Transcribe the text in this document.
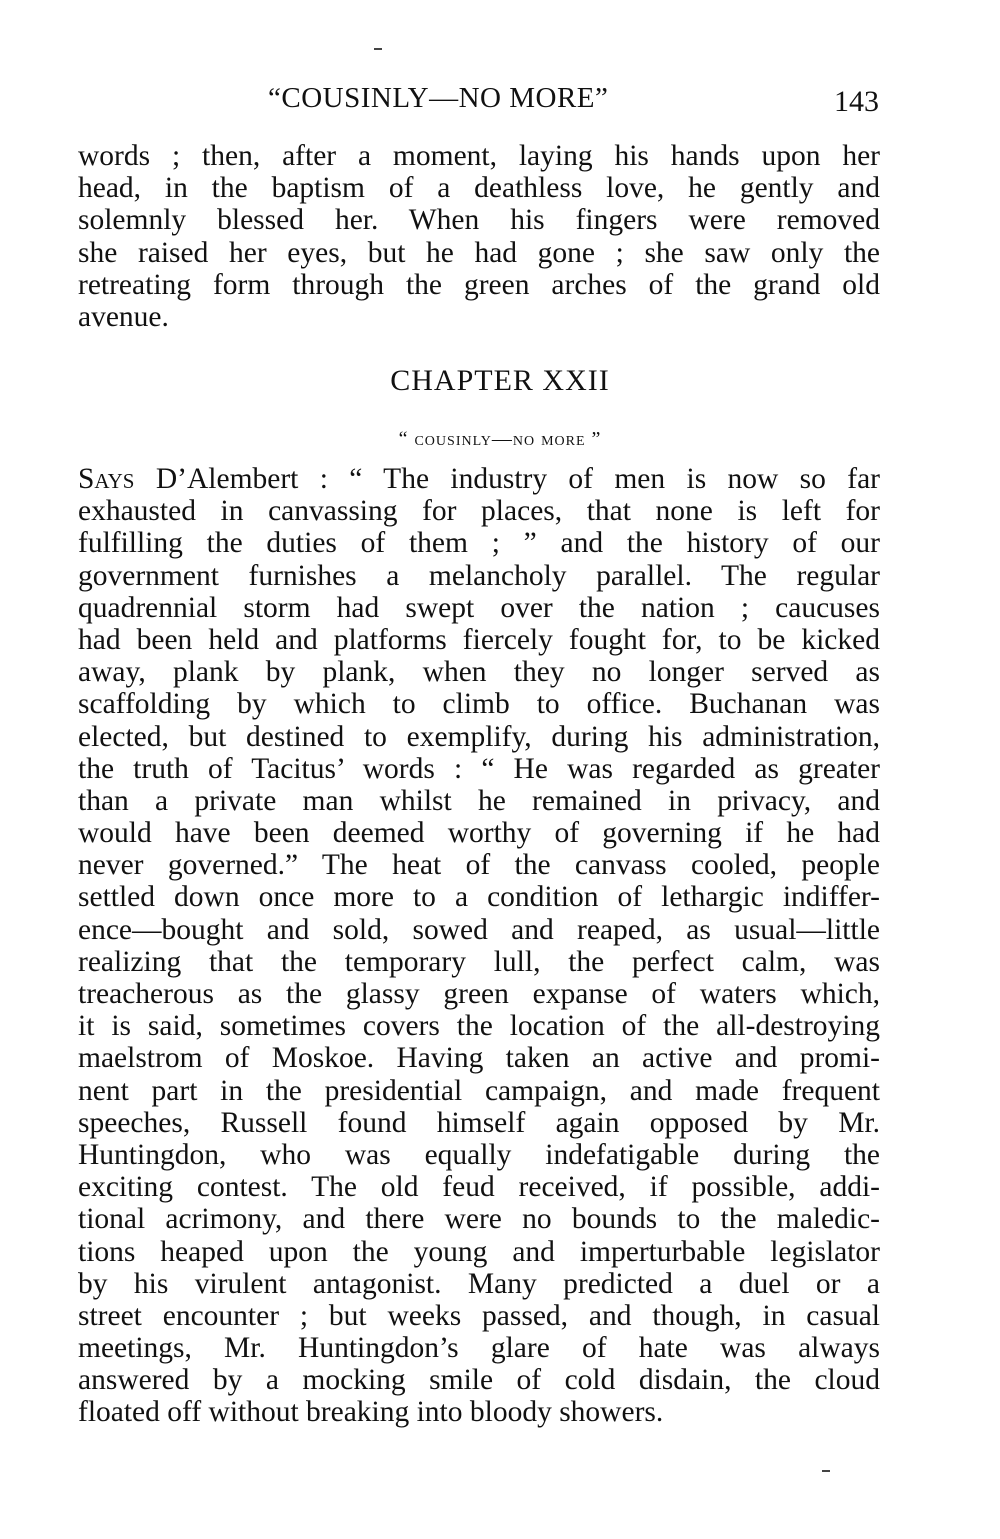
“COUSINLY—NO MORE”	143
words ; then, after a moment, laying his hands upon her
head, in the baptism of a deathless love, he gently and
solemnly blessed her. When his fingers were removed
she raised her eyes, but he had gone ; she saw only the
retreating form through the green arches of the grand old
avenue.
CHAPTER XXII
“ cousinly—no more ”
Says D’Alembert : “ The industry of men is now so far
exhausted in canvassing for places, that none is left for
fulfilling the duties of them ; ” and the history of our
government furnishes a melancholy parallel. The regular
quadrennial storm had swept over the nation ; caucuses
had been held and platforms fiercely fought for, to be kicked
away, plank by plank, when they no longer served as
scaffolding by which to climb to office. Buchanan was
elected, but destined to exemplify, during his administration,
the truth of Tacitus’ words : “ He was regarded as greater
than a private man whilst he remained in privacy, and
would have been deemed worthy of governing if he had
never governed.” The heat of the canvass cooled, people
settled down once more to a condition of lethargic indiffer-
ence—bought and sold, sowed and reaped, as usual—little
realizing that the temporary lull, the perfect calm, was
treacherous as the glassy green expanse of waters which,
it is said, sometimes covers the location of the all-destroying
maelstrom of Moskoe. Having taken an active and promi-
nent part in the presidential campaign, and made frequent
speeches, Russell found himself again opposed by Mr.
Huntingdon, who was equally indefatigable during the
exciting contest. The old feud received, if possible, addi-
tional acrimony, and there were no bounds to the maledic-
tions heaped upon the young and imperturbable legislator
by his virulent antagonist. Many predicted a duel or a
street encounter ; but weeks passed, and though, in casual
meetings, Mr. Huntingdon’s glare of hate was always
answered by a mocking smile of cold disdain, the cloud
floated off without breaking into bloody showers.
